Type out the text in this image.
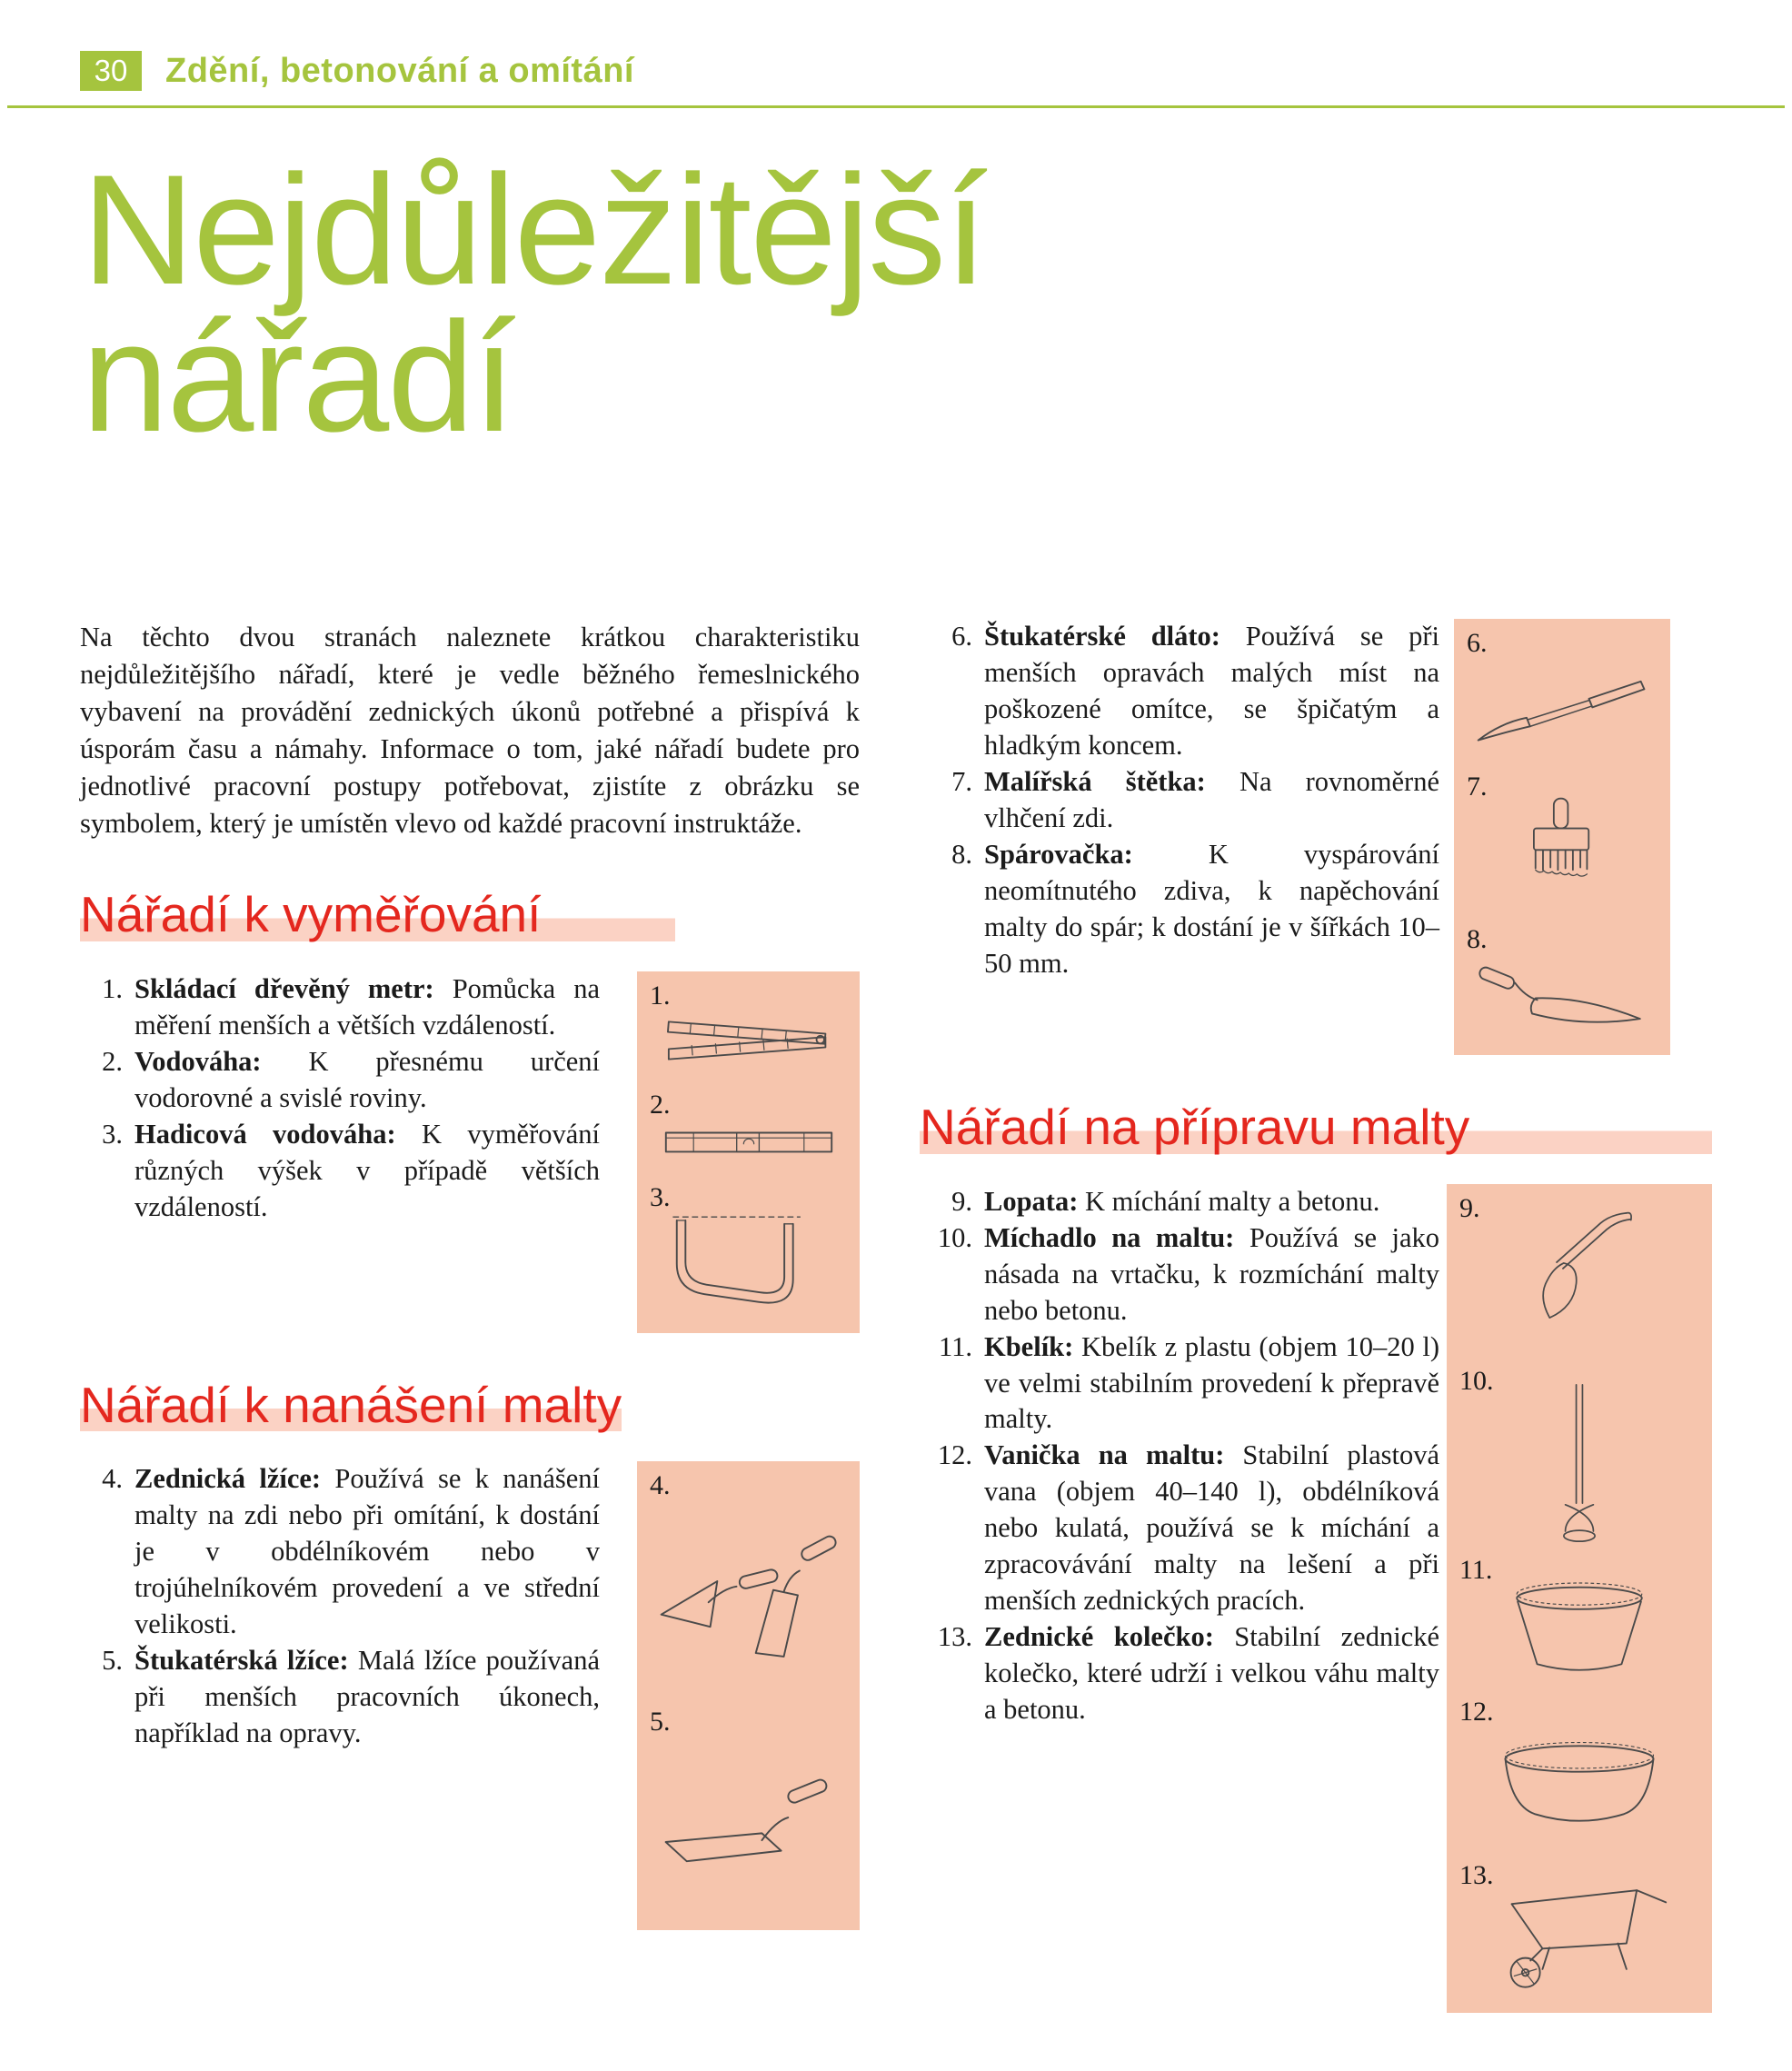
30	Zdění, betonování a omítání
Nejdůležitější
nářadí

Na těchto dvou stranách naleznete krátkou charakteristiku nejdůležitějšího nářadí, které je vedle běžného řemeslnického vybavení na provádění zednických úkonů potřebné a přispívá k úsporám času a námahy. Informace o tom, jaké nářadí budete pro jednotlivé pracovní postupy potřebovat, zjistíte z obrázku se symbolem, který je umístěn vlevo od každé pracovní instruktáže.

Nářadí k vyměřování
1. Skládací dřevěný metr: Pomůcka na měření menších a větších vzdáleností.
2. Vodováha: K přesnému určení vodorovné a svislé roviny.
3. Hadicová vodováha: K vyměřování různých výšek v případě větších vzdáleností.
1.
2.
3.
Nářadí k nanášení malty
4. Zednická lžíce: Používá se k nanášení malty na zdi nebo při omítání, k dostání je v obdélníkovém nebo v trojúhelníkovém provedení a ve střední velikosti.
5. Štukatérská lžíce: Malá lžíce používaná při menších pracovních úkonech, například na opravy.
4.
5.
6. Štukatérské dláto: Používá se při menších opravách malých míst na poškozené omítce, se špičatým a hladkým koncem.
7. Malířská štětka: Na rovnoměrné vlhčení zdi.
8. Spárovačka:	K vyspárování neomítnutého zdiva, k napěchování malty do spár; k dostání je v šířkách 10–50 mm.
6.
7.
8.
Nářadí na přípravu malty
9. Lopata: K míchání malty a betonu.
10. Míchadlo na maltu: Používá se jako násada na vrtačku, k rozmíchání malty nebo betonu.
11. Kbelík: Kbelík z plastu (objem 10–20 l) ve velmi stabilním provedení k přepravě malty.
12. Vanička na maltu: Stabilní plastová vana (objem 40–140 l), obdélníková nebo kulatá, používá se k míchání a zpracovávání malty na lešení a při menších zednických pracích.
13. Zednické kolečko: Stabilní zednické kolečko, které udrží i velkou váhu malty a betonu.
9.
10.
11.
12.
13.
